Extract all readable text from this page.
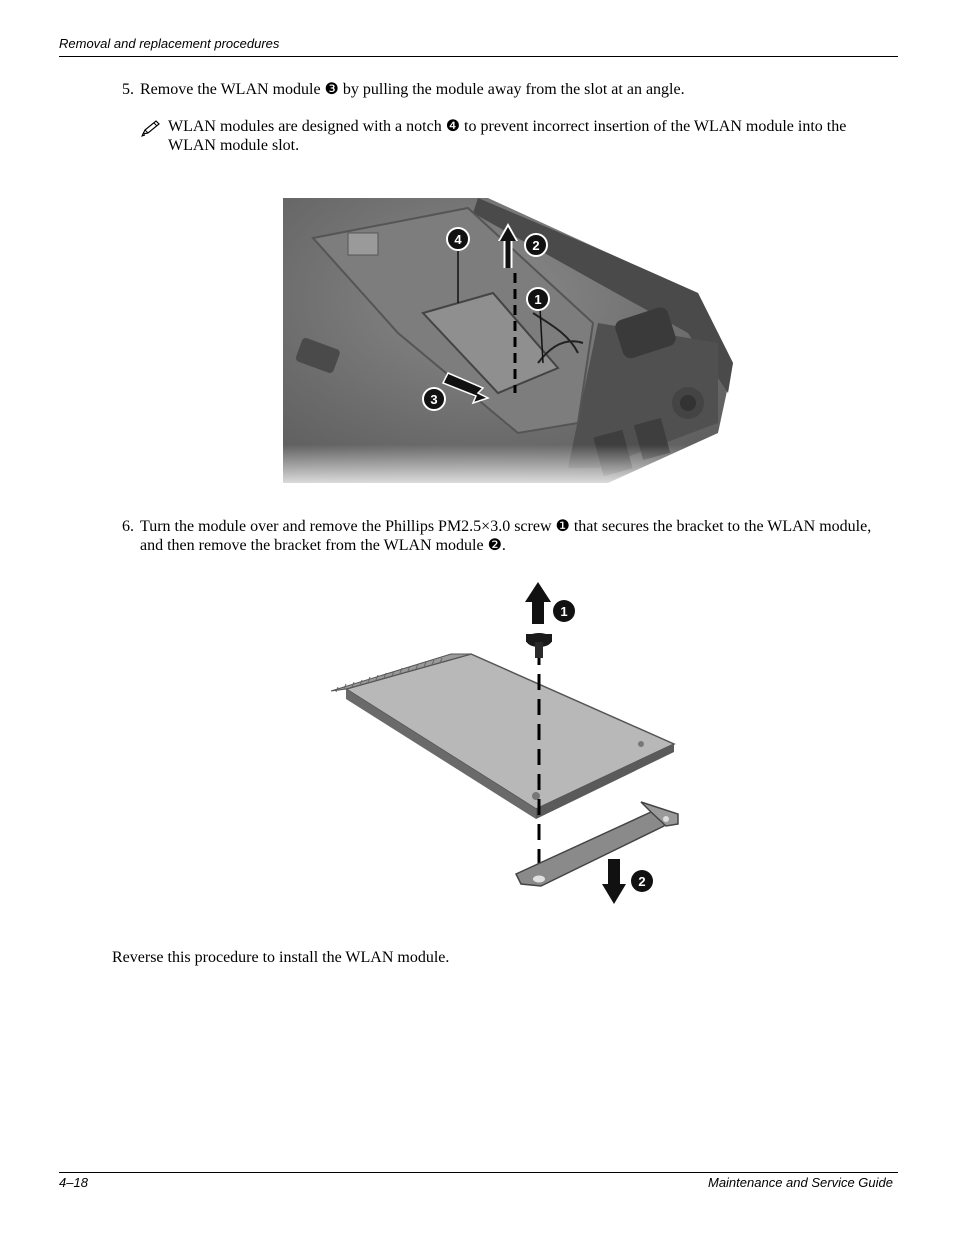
Removal and replacement procedures
5. Remove the WLAN module ❸ by pulling the module away from the slot at an angle.
WLAN modules are designed with a notch ❹ to prevent incorrect insertion of the WLAN module into the WLAN module slot.
6. Turn the module over and remove the Phillips PM2.5×3.0 screw ❶ that secures the bracket to the WLAN module, and then remove the bracket from the WLAN module ❷.
1
2
Reverse this procedure to install the WLAN module.
4–18	Maintenance and Service Guide
